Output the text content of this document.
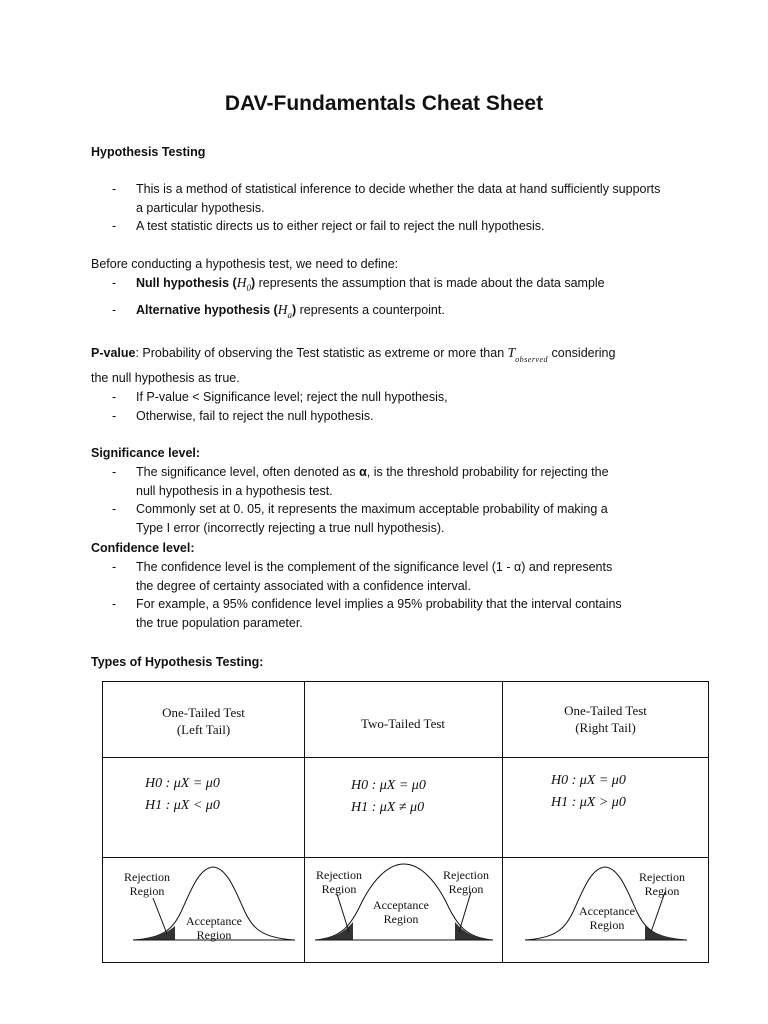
DAV-Fundamentals Cheat Sheet
Hypothesis Testing
- This is a method of statistical inference to decide whether the data at hand sufficiently supports a particular hypothesis.
- A test statistic directs us to either reject or fail to reject the null hypothesis.
Before conducting a hypothesis test, we need to define:
- Null hypothesis $(H_0)$ represents the assumption that is made about the data sample
- Alternative hypothesis $(H_a)$ represents a counterpoint.
P-value: Probability of observing the Test statistic as extreme or more than $T_{observed}$ considering
the null hypothesis as true.
- If P-value < Significance level; reject the null hypothesis,
- Otherwise, fail to reject the null hypothesis.
Significance level:
- The significance level, often denoted as α, is the threshold probability for rejecting the
null hypothesis in a hypothesis test.
- Commonly set at 0. 05, it represents the maximum acceptable probability of making a
Type I error (incorrectly rejecting a true null hypothesis).
Confidence level:
- The confidence level is the complement of the significance level (1 - α) and represents
the degree of certainty associated with a confidence interval.
- For example, a 95% confidence level implies a 95% probability that the interval contains
the true population parameter.
Types of Hypothesis Testing:
One-Tailed Test
(Left Tail)	Two-Tailed Test
One-Tailed Test
(Right Tail)
H0 : μX = μ0
H1 : μX < μ0
H0 : μX = μ0
H1 : μX ≠ μ0
H0 : μX = μ0
H1 : μX > μ0
Rejection Region
Acceptance Region
Rejection Region
Rejection Region
Acceptance Region
Rejection Region
Acceptance Region
